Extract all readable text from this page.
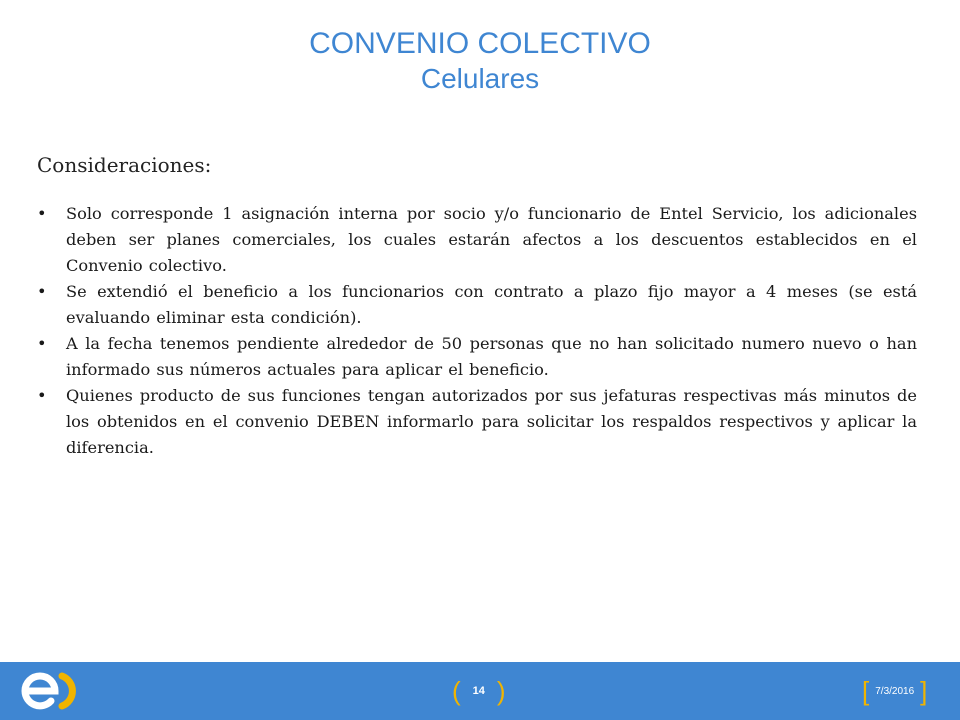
CONVENIO COLECTIVO
Celulares
Consideraciones:
• Solo corresponde 1 asignación interna por socio y/o funcionario de Entel Servicio, los adicionales deben ser planes comerciales, los cuales estarán afectos a los descuentos establecidos en el Convenio colectivo.
• Se extendió el beneficio a los funcionarios con contrato a plazo fijo mayor a 4 meses (se está evaluando eliminar esta condición).
• A la fecha tenemos pendiente alrededor de 50 personas que no han solicitado numero nuevo o han informado sus números actuales para aplicar el beneficio.
• Quienes producto de sus funciones tengan autorizados por sus jefaturas respectivas más minutos de los obtenidos en el convenio DEBEN informarlo para solicitar los respaldos respectivos y aplicar la diferencia.
(	14 )	[ 7/3/2016 ]
